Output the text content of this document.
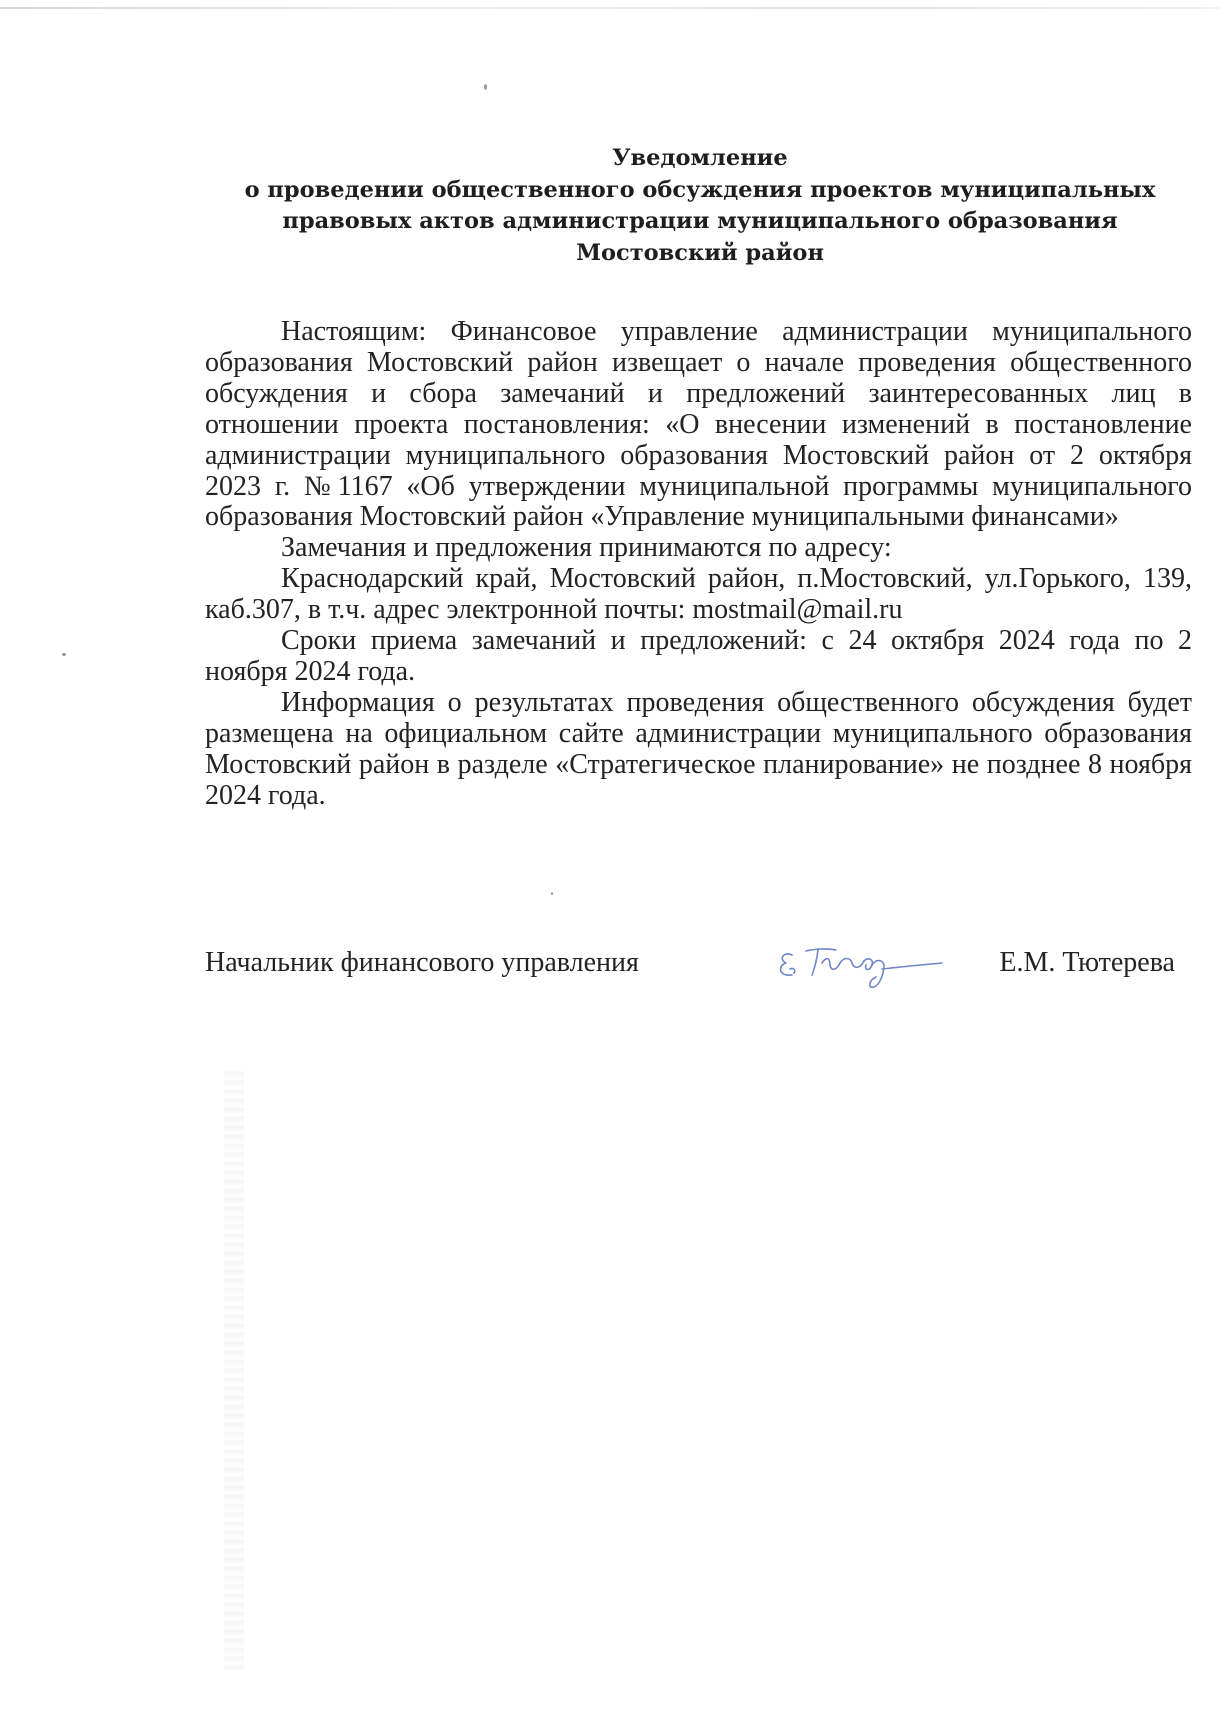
Уведомление
о проведении общественного обсуждения проектов муниципальных
правовых актов администрации муниципального образования
Мостовский район

Настоящим: Финансовое управление администрации муниципального образования Мостовский район извещает о начале проведения общественного обсуждения и сбора замечаний и предложений заинтересованных лиц в отношении проекта постановления: «О внесении изменений в постановление администрации муниципального образования Мостовский район от 2 октября 2023 г. №1167 «Об утверждении муниципальной программы муниципального образования Мостовский район «Управление муниципальными финансами»

Замечания и предложения принимаются по адресу:

Краснодарский край, Мостовский район, п.Мостовский, ул.Горького, 139, каб.307, в т.ч. адрес электронной почты: mostmail@mail.ru

Сроки приема замечаний и предложений: с 24 октября 2024 года по 2 ноября 2024 года.

Информация о результатах проведения общественного обсуждения будет размещена на официальном сайте администрации муниципального образования Мостовский район в разделе «Стратегическое планирование» не позднее 8 ноября 2024 года.

Начальник финансового управления	Е.М. Тютерева
